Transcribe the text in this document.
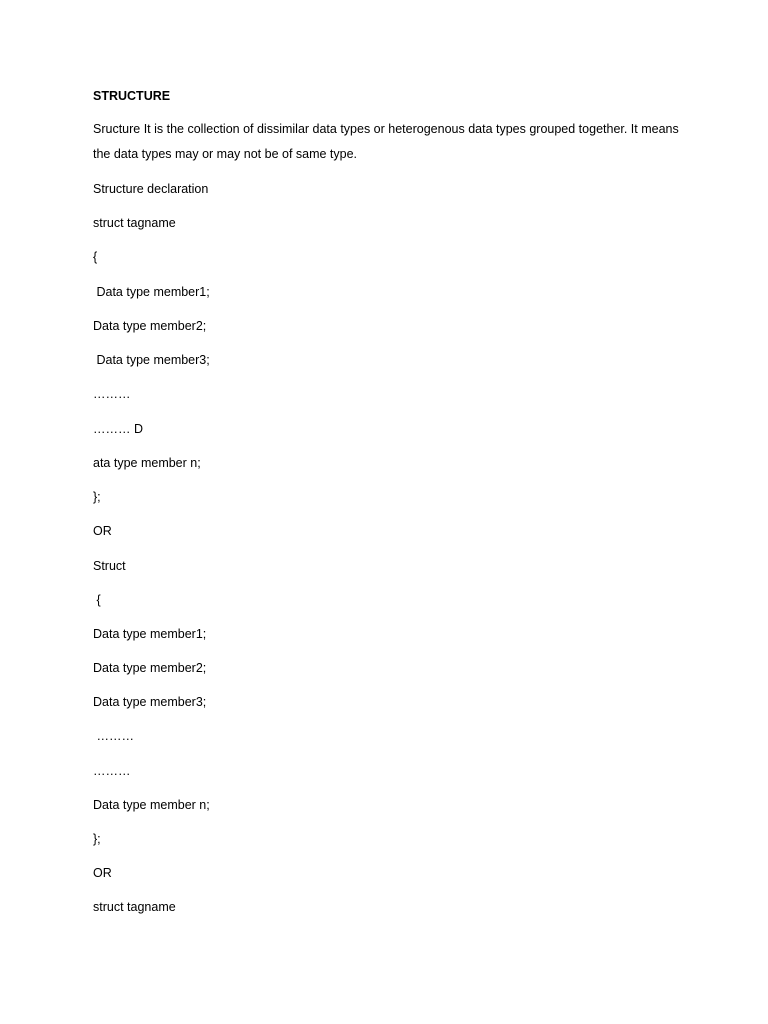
STRUCTURE

Sructure It is the collection of dissimilar data types or heterogenous data types grouped together. It means the data types may or may not be of same type.

Structure declaration

struct tagname

{

Data type member1;

Data type member2;

Data type member3;

………

……… D

ata type member n;

};

OR

Struct

{

Data type member1;

Data type member2;

Data type member3;

………

………

Data type member n;

};

OR

struct tagname
